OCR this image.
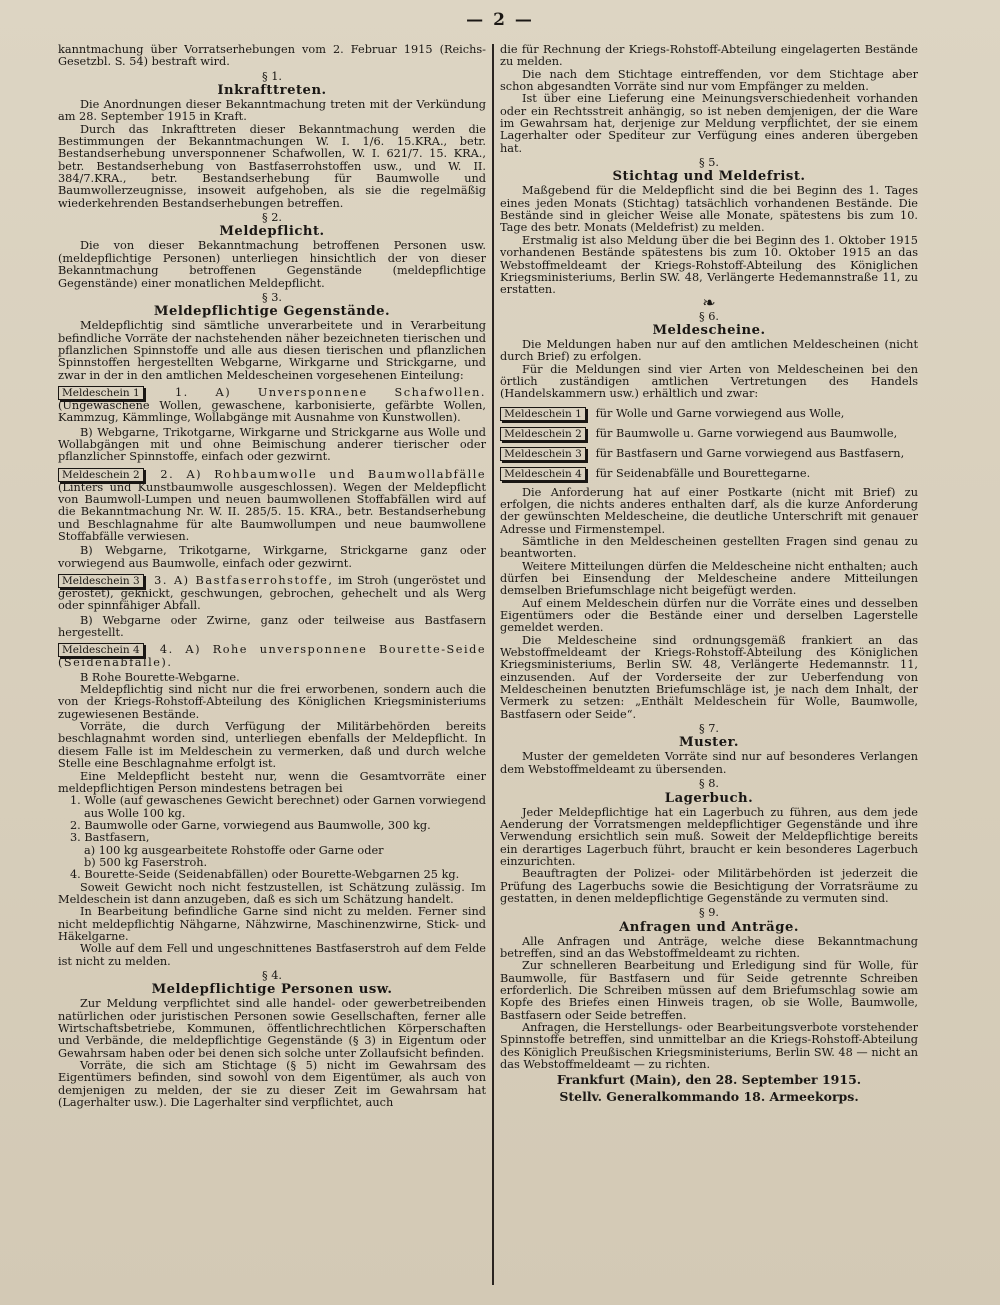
— 2 —

kanntmachung über Vorratserhebungen vom 2. Februar 1915 (Reichs-Gesetzbl. S. 54) bestraft wird.

§ 1.

Inkrafttreten.

Die Anordnungen dieser Bekanntmachung treten mit der Verkündung am 28. September 1915 in Kraft.

Durch das Inkrafttreten dieser Bekanntmachung werden die Bestimmungen der Bekanntmachungen W. I. 1/6. 15.KRA., betr. Bestandserhebung unversponnener Schafwollen, W. I. 621/7. 15. KRA., betr. Bestandserhebung von Bastfaserrohstoffen usw., und W. II. 384/7.KRA., betr. Bestandserhebung für Baumwolle und Baumwollerzeugnisse, insoweit aufgehoben, als sie die regelmäßig wiederkehrenden Bestandserhebungen betreffen.

§ 2.

Meldepflicht.

Die von dieser Bekanntmachung betroffenen Personen usw. (meldepflichtige Personen) unterliegen hinsichtlich der von dieser Bekanntmachung betroffenen Gegenstände (meldepflichtige Gegenstände) einer monatlichen Meldepflicht.

§ 3.

Meldepflichtige Gegenstände.

Meldepflichtig sind sämtliche unverarbeitete und in Verarbeitung befindliche Vorräte der nachstehenden näher bezeichneten tierischen und pflanzlichen Spinnstoffe und alle aus diesen tierischen und pflanzlichen Spinnstoffen hergestellten Webgarne, Wirkgarne und Strickgarne, und zwar in der in den amtlichen Meldescheinen vorgesehenen Einteilung:

Meldeschein 1	1. A) Unversponnene Schafwollen. (Ungewaschene Wollen, gewaschene, karbonisierte, gefärbte Wollen, Kammzug, Kämmlinge, Wollabgänge mit Ausnahme von Kunstwollen).

B) Webgarne, Trikotgarne, Wirkgarne und Strickgarne aus Wolle und Wollabgängen mit und ohne Beimischung anderer tierischer oder pflanzlicher Spinnstoffe, einfach oder gezwirnt.

Meldeschein 2 2. A) Rohbaumwolle und Baumwollabfälle (Linters und Kunstbaumwolle ausgeschlossen). Wegen der Meldepflicht von Baumwoll-Lumpen und neuen baumwollenen Stoffabfällen wird auf die Bekanntmachung Nr. W. II. 285/5. 15. KRA., betr. Bestandserhebung und Beschlagnahme für alte Baumwollumpen und neue baumwollene Stoffabfälle verwiesen.

B) Webgarne, Trikotgarne, Wirkgarne, Strickgarne ganz oder vorwiegend aus Baumwolle, einfach oder gezwirnt.

Meldeschein 3 3. A) Bastfaserrohstoffe, im Stroh (ungeröstet und geröstet), geknickt, geschwungen, gebrochen, gehechelt und als Werg oder spinnfähiger Abfall.

B) Webgarne oder Zwirne, ganz oder teilweise aus Bastfasern hergestellt.

Meldeschein 4 4. A) Rohe unversponnene Bourette-Seide (Seidenabfälle).

B Rohe Bourette-Webgarne.

Meldepflichtig sind nicht nur die frei erworbenen, sondern auch die von der Kriegs-Rohstoff-Abteilung des Königlichen Kriegsministeriums zugewiesenen Bestände.

Vorräte, die durch Verfügung der Militärbehörden bereits beschlagnahmt worden sind, unterliegen ebenfalls der Meldepflicht. In diesem Falle ist im Meldeschein zu vermerken, daß und durch welche Stelle eine Beschlagnahme erfolgt ist.

Eine Meldepflicht besteht nur, wenn die Gesamtvorräte einer meldepflichtigen Person mindestens betragen bei

1. Wolle (auf gewaschenes Gewicht berechnet) oder Garnen vorwiegend aus Wolle 100 kg.

2. Baumwolle oder Garne, vorwiegend aus Baumwolle, 300 kg.

3. Bastfasern,

a) 100 kg ausgearbeitete Rohstoffe oder Garne oder

b) 500 kg Faserstroh.

4. Bourette-Seide (Seidenabfällen) oder Bourette-Webgarnen 25 kg.

Soweit Gewicht noch nicht festzustellen, ist Schätzung zulässig. Im Meldeschein ist dann anzugeben, daß es sich um Schätzung handelt.

In Bearbeitung befindliche Garne sind nicht zu melden. Ferner sind nicht meldepflichtig Nähgarne, Nähzwirne, Maschinenzwirne, Stick- und Häkelgarne.

Wolle auf dem Fell und ungeschnittenes Bastfaserstroh auf dem Felde ist nicht zu melden.

§ 4.

Meldepflichtige Personen usw.

Zur Meldung verpflichtet sind alle handel- oder gewerbetreibenden natürlichen oder juristischen Personen sowie Gesellschaften, ferner alle Wirtschaftsbetriebe, Kommunen, öffentlichrechtlichen Körperschaften und Verbände, die meldepflichtige Gegenstände (§ 3) in Eigentum oder Gewahrsam haben oder bei denen sich solche unter Zollaufsicht befinden.

Vorräte, die sich am Stichtage (§ 5) nicht im Gewahrsam des Eigentümers befinden, sind sowohl von dem Eigentümer, als auch von demjenigen zu melden, der sie zu dieser Zeit im Gewahrsam hat (Lagerhalter usw.). Die Lagerhalter sind verpflichtet, auch

die für Rechnung der Kriegs-Rohstoff-Abteilung eingelagerten Bestände zu melden.

Die nach dem Stichtage eintreffenden, vor dem Stichtage aber schon abgesandten Vorräte sind nur vom Empfänger zu melden.

Ist über eine Lieferung eine Meinungsverschiedenheit vorhanden oder ein Rechtsstreit anhängig, so ist neben demjenigen, der die Ware im Gewahrsam hat, derjenige zur Meldung verpflichtet, der sie einem Lagerhalter oder Spediteur zur Verfügung eines anderen übergeben hat.

§ 5.

Stichtag und Meldefrist.

Maßgebend für die Meldepflicht sind die bei Beginn des 1. Tages eines jeden Monats (Stichtag) tatsächlich vorhandenen Bestände. Die Bestände sind in gleicher Weise alle Monate, spätestens bis zum 10. Tage des betr. Monats (Meldefrist) zu melden.

Erstmalig ist also Meldung über die bei Beginn des 1. Oktober 1915 vorhandenen Bestände spätestens bis zum 10. Oktober 1915 an das Webstoffmeldeamt der Kriegs-Rohstoff-Abteilung des Königlichen Kriegsministeriums, Berlin SW. 48, Verlängerte Hedemannstraße 11, zu erstatten.

❧

§ 6.

Meldescheine.

Die Meldungen haben nur auf den amtlichen Meldescheinen (nicht durch Brief) zu erfolgen.

Für die Meldungen sind vier Arten von Meldescheinen bei den örtlich zuständigen amtlichen Vertretungen des Handels (Handelskammern usw.) erhältlich und zwar:

Meldeschein 1 für Wolle und Garne vorwiegend aus Wolle,

Meldeschein 2 für Baumwolle u. Garne vorwiegend aus Baumwolle,

Meldeschein 3 für Bastfasern und Garne vorwiegend aus Bastfasern,

Meldeschein 4 für Seidenabfälle und Bourettegarne.

Die Anforderung hat auf einer Postkarte (nicht mit Brief) zu erfolgen, die nichts anderes enthalten darf, als die kurze Anforderung der gewünschten Meldescheine, die deutliche Unterschrift mit genauer Adresse und Firmenstempel.

Sämtliche in den Meldescheinen gestellten Fragen sind genau zu beantworten.

Weitere Mitteilungen dürfen die Meldescheine nicht enthalten; auch dürfen bei Einsendung der Meldescheine andere Mitteilungen demselben Briefumschlage nicht beigefügt werden.

Auf einem Meldeschein dürfen nur die Vorräte eines und desselben Eigentümers oder die Bestände einer und derselben Lagerstelle gemeldet werden.

Die Meldescheine sind ordnungsgemäß frankiert an das Webstoffmeldeamt der Kriegs-Rohstoff-Abteilung des Königlichen Kriegsministeriums, Berlin SW. 48, Verlängerte Hedemannstr. 11, einzusenden. Auf der Vorderseite der zur Ueberfendung von Meldescheinen benutzten Briefumschläge ist, je nach dem Inhalt, der Vermerk zu setzen: „Enthält Meldeschein für Wolle, Baumwolle, Bastfasern oder Seide“.

§ 7.

Muster.

Muster der gemeldeten Vorräte sind nur auf besonderes Verlangen dem Webstoffmeldeamt zu übersenden.

§ 8.

Lagerbuch.

Jeder Meldepflichtige hat ein Lagerbuch zu führen, aus dem jede Aenderung der Vorratsmengen meldepflichtiger Gegenstände und ihre Verwendung ersichtlich sein muß. Soweit der Meldepflichtige bereits ein derartiges Lagerbuch führt, braucht er kein besonderes Lagerbuch einzurichten.

Beauftragten der Polizei- oder Militärbehörden ist jederzeit die Prüfung des Lagerbuchs sowie die Besichtigung der Vorratsräume zu gestatten, in denen meldepflichtige Gegenstände zu vermuten sind.

§ 9.

Anfragen und Anträge.

Alle Anfragen und Anträge, welche diese Bekanntmachung betreffen, sind an das Webstoffmeldeamt zu richten.

Zur schnelleren Bearbeitung und Erledigung sind für Wolle, für Baumwolle, für Bastfasern und für Seide getrennte Schreiben erforderlich. Die Schreiben müssen auf dem Briefumschlag sowie am Kopfe des Briefes einen Hinweis tragen, ob sie Wolle, Baumwolle, Bastfasern oder Seide betreffen.

Anfragen, die Herstellungs- oder Bearbeitungsverbote vorstehender Spinnstoffe betreffen, sind unmittelbar an die Kriegs-Rohstoff-Abteilung des Königlich Preußischen Kriegsministeriums, Berlin SW. 48 — nicht an das Webstoffmeldeamt — zu richten.

Frankfurt (Main), den 28. September 1915.

Stellv. Generalkommando 18. Armeekorps.
